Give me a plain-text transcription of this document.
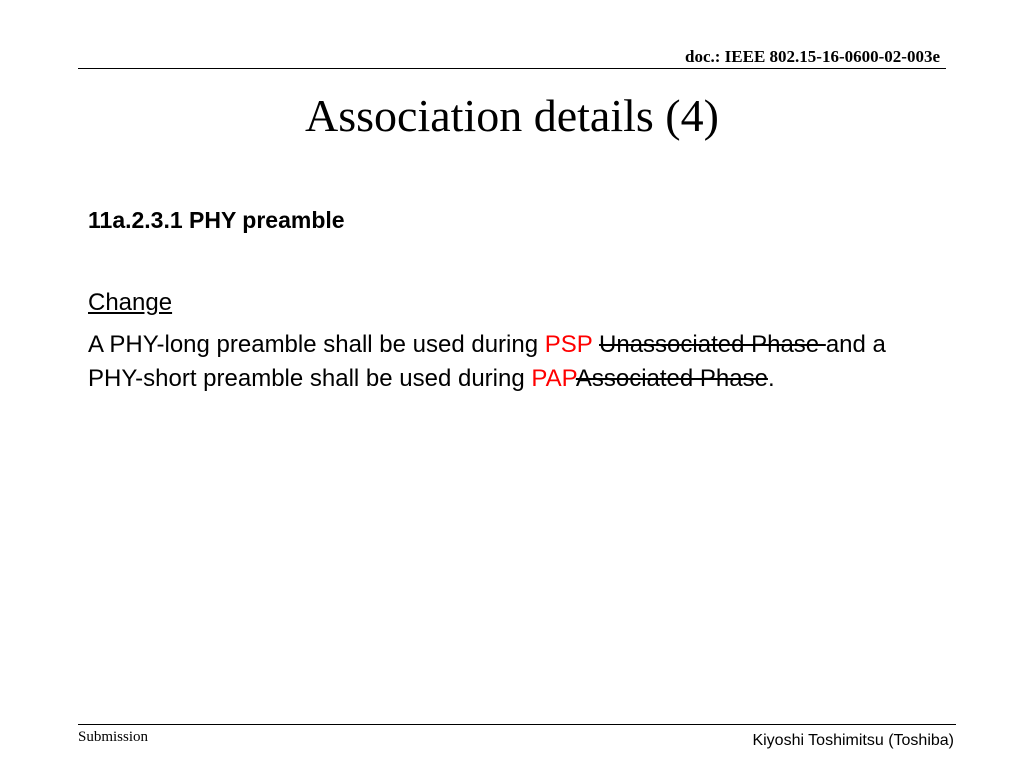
doc.: IEEE 802.15-16-0600-02-003e
Association details (4)
11a.2.3.1 PHY preamble
Change
A PHY-long preamble shall be used during PSP Unassociated Phase and a PHY-short preamble shall be used during PAPAssociated Phase.
Submission	Kiyoshi Toshimitsu (Toshiba)
